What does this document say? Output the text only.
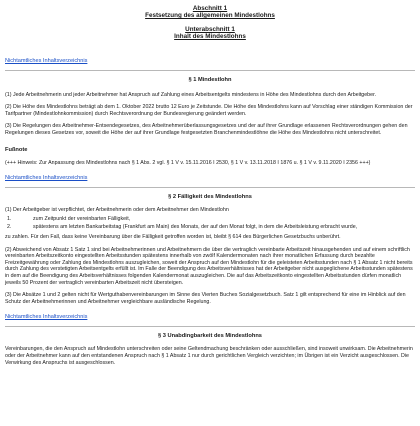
Abschnitt 1
Festsetzung des allgemeinen Mindestlohns
Unterabschnitt 1
Inhalt des Mindestlohns
Nichtamtliches Inhaltsverzeichnis
§ 1 Mindestlohn

(1) Jede Arbeitnehmerin und jeder Arbeitnehmer hat Anspruch auf Zahlung eines Arbeitsentgelts mindestens in Höhe des Mindestlohns durch den Arbeitgeber.

(2) Die Höhe des Mindestlohns beträgt ab dem 1. Oktober 2022 brutto 12 Euro je Zeitstunde. Die Höhe des Mindestlohns kann auf Vorschlag einer ständigen Kommission der Tarifpartner (Mindestlohnkommission) durch Rechtsverordnung der Bundesregierung geändert werden.

(3) Die Regelungen des Arbeitnehmer-Entsendegesetzes, des Arbeitnehmerüberlassungsgesetzes und der auf ihrer Grundlage erlassenen Rechtsverordnungen gehen den Regelungen dieses Gesetzes vor, soweit die Höhe der auf ihrer Grundlage festgesetzten Branchenmindestlöhne die Höhe des Mindestlohns nicht unterschreitet.

Fußnote

(+++ Hinweis: Zur Anpassung des Mindestlohns nach § 1 Abs. 2 vgl. § 1 V v. 15.11.2016 I 2530, § 1 V v. 13.11.2018 I 1876 u. § 1 V v. 9.11.2020 I 2356 +++)

Nichtamtliches Inhaltsverzeichnis
§ 2 Fälligkeit des Mindestlohns

(1) Der Arbeitgeber ist verpflichtet, der Arbeitnehmerin oder dem Arbeitnehmer den Mindestlohn

1.	zum Zeitpunkt der vereinbarten Fälligkeit,
2.	spätestens am letzten Bankarbeitstag (Frankfurt am Main) des Monats, der auf den Monat folgt, in dem die Arbeitsleistung erbracht wurde,

zu zahlen. Für den Fall, dass keine Vereinbarung über die Fälligkeit getroffen worden ist, bleibt § 614 des Bürgerlichen Gesetzbuchs unberührt.

(2) Abweichend von Absatz 1 Satz 1 sind bei Arbeitnehmerinnen und Arbeitnehmern die über die vertraglich vereinbarte Arbeitszeit hinausgehenden und auf einem schriftlich vereinbarten Arbeitszeitkonto eingestellten Arbeitsstunden spätestens innerhalb von zwölf Kalendermonaten nach ihrer monatlichen Erfassung durch bezahlte Freizeitgewährung oder Zahlung des Mindestlohns auszugleichen, soweit der Anspruch auf den Mindestlohn für die geleisteten Arbeitsstunden nach § 1 Absatz 1 nicht bereits durch Zahlung des verstetigten Arbeitsentgelts erfüllt ist. Im Falle der Beendigung des Arbeitsverhältnisses hat der Arbeitgeber nicht ausgeglichene Arbeitsstunden spätestens in dem auf die Beendigung des Arbeitsverhältnisses folgenden Kalendermonat auszugleichen. Die auf das Arbeitszeitkonto eingestellten Arbeitsstunden dürfen monatlich jeweils 50 Prozent der vertraglich vereinbarten Arbeitszeit nicht übersteigen.

(3) Die Absätze 1 und 2 gelten nicht für Wertguthabenvereinbarungen im Sinne des Vierten Buches Sozialgesetzbuch. Satz 1 gilt entsprechend für eine im Hinblick auf den Schutz der Arbeitnehmerinnen und Arbeitnehmer vergleichbare ausländische Regelung.

Nichtamtliches Inhaltsverzeichnis
§ 3 Unabdingbarkeit des Mindestlohns

Vereinbarungen, die den Anspruch auf Mindestlohn unterschreiten oder seine Geltendmachung beschränken oder ausschließen, sind insoweit unwirksam. Die Arbeitnehmerin oder der Arbeitnehmer kann auf den entstandenen Anspruch nach § 1 Absatz 1 nur durch gerichtlichen Vergleich verzichten; im Übrigen ist ein Verzicht ausgeschlossen. Die Verwirkung des Anspruchs ist ausgeschlossen.
